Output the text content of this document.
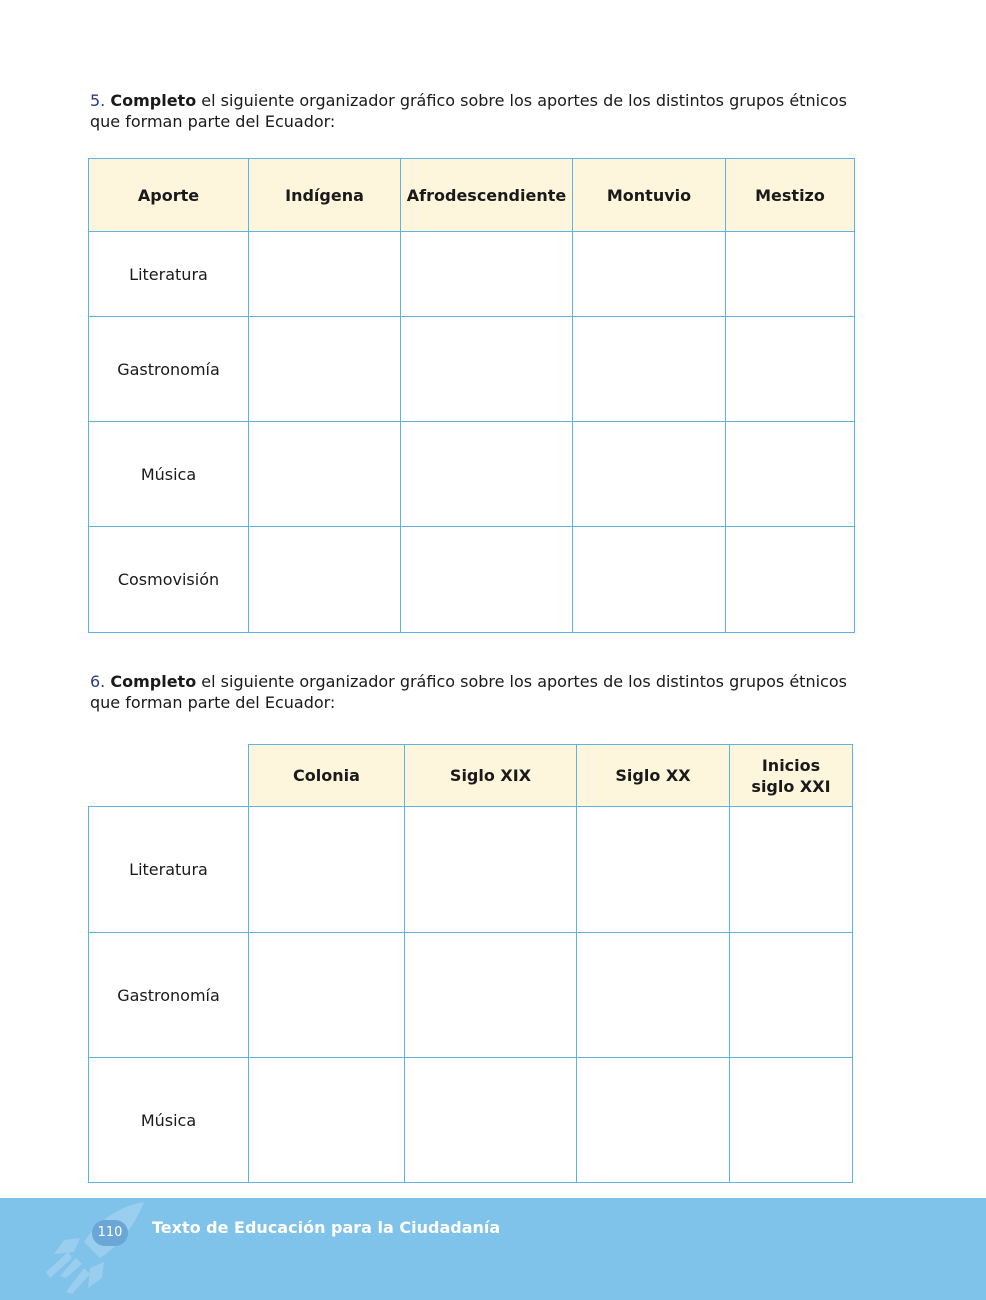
5. Completo el siguiente organizador gráfico sobre los aportes de los distintos grupos étnicos que forman parte del Ecuador:

Aporte	Indígena	Afrodescendiente	Montuvio	Mestizo
Literatura				
Gastronomía				
Música				
Cosmovisión				

6. Completo el siguiente organizador gráfico sobre los aportes de los distintos grupos étnicos que forman parte del Ecuador:

	Colonia	Siglo XIX	Siglo XX	Inicios
siglo XXI
Literatura				
Gastronomía				
Música				
110	Texto de Educación para la Ciudadanía
